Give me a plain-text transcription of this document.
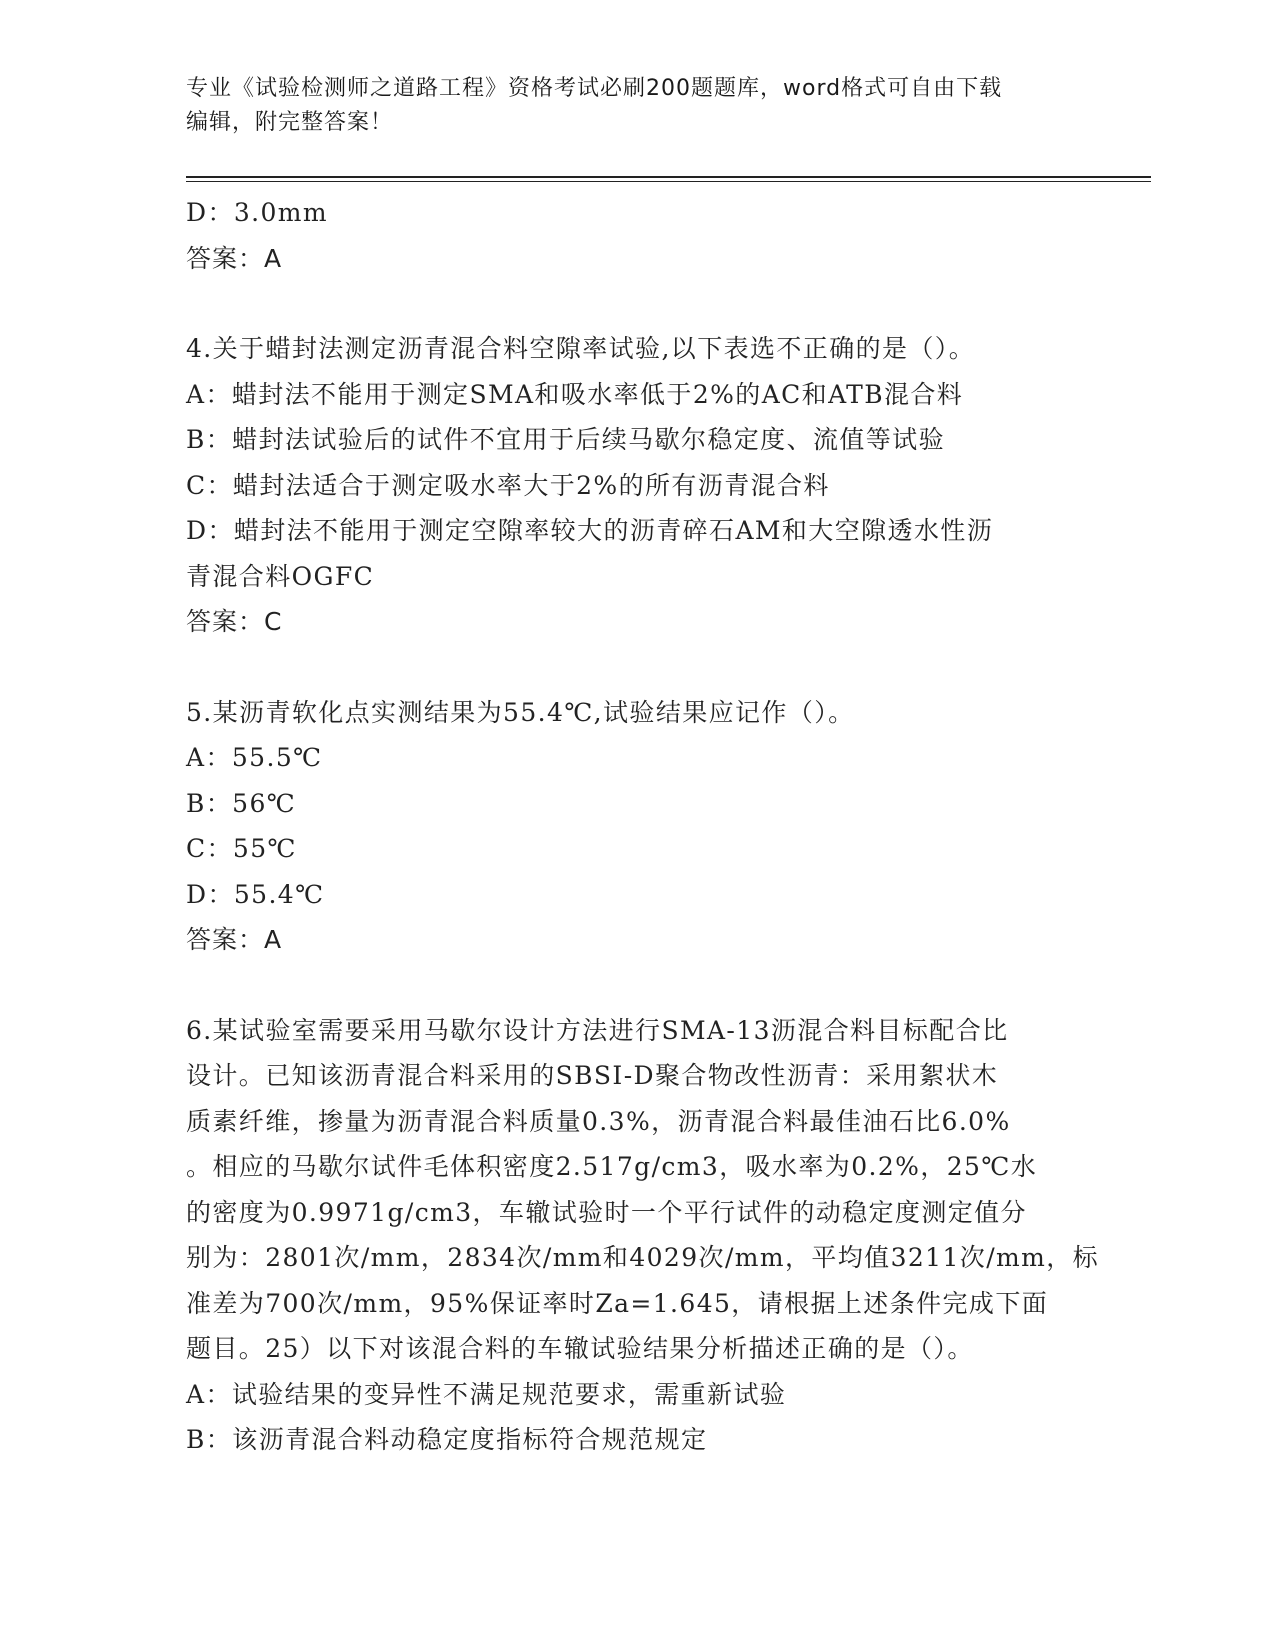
专业《试验检测师之道路工程》资格考试必刷200题题库，word格式可自由下载
编辑，附完整答案！
D：3.0mm
答案：A
4.关于蜡封法测定沥青混合料空隙率试验,以下表选不正确的是（）。
A：蜡封法不能用于测定SMA和吸水率低于2%的AC和ATB混合料
B：蜡封法试验后的试件不宜用于后续马歇尔稳定度、流值等试验
C：蜡封法适合于测定吸水率大于2%的所有沥青混合料
D：蜡封法不能用于测定空隙率较大的沥青碎石AM和大空隙透水性沥
青混合料OGFC
答案：C
5.某沥青软化点实测结果为55.4℃,试验结果应记作（）。
A：55.5℃
B：56℃
C：55℃
D：55.4℃
答案：A
6.某试验室需要采用马歇尔设计方法进行SMA-13沥混合料目标配合比
设计。已知该沥青混合料采用的SBSI-D聚合物改性沥青：采用絮状木
质素纤维，掺量为沥青混合料质量0.3%，沥青混合料最佳油石比6.0%
。相应的马歇尔试件毛体积密度2.517g/cm3，吸水率为0.2%，25℃水
的密度为0.9971g/cm3，车辙试验时一个平行试件的动稳定度测定值分
别为：2801次/mm，2834次/mm和4029次/mm，平均值3211次/mm，标
准差为700次/mm，95%保证率时Za=1.645，请根据上述条件完成下面
题目。25）以下对该混合料的车辙试验结果分析描述正确的是（）。
A：试验结果的变异性不满足规范要求，需重新试验
B：该沥青混合料动稳定度指标符合规范规定
